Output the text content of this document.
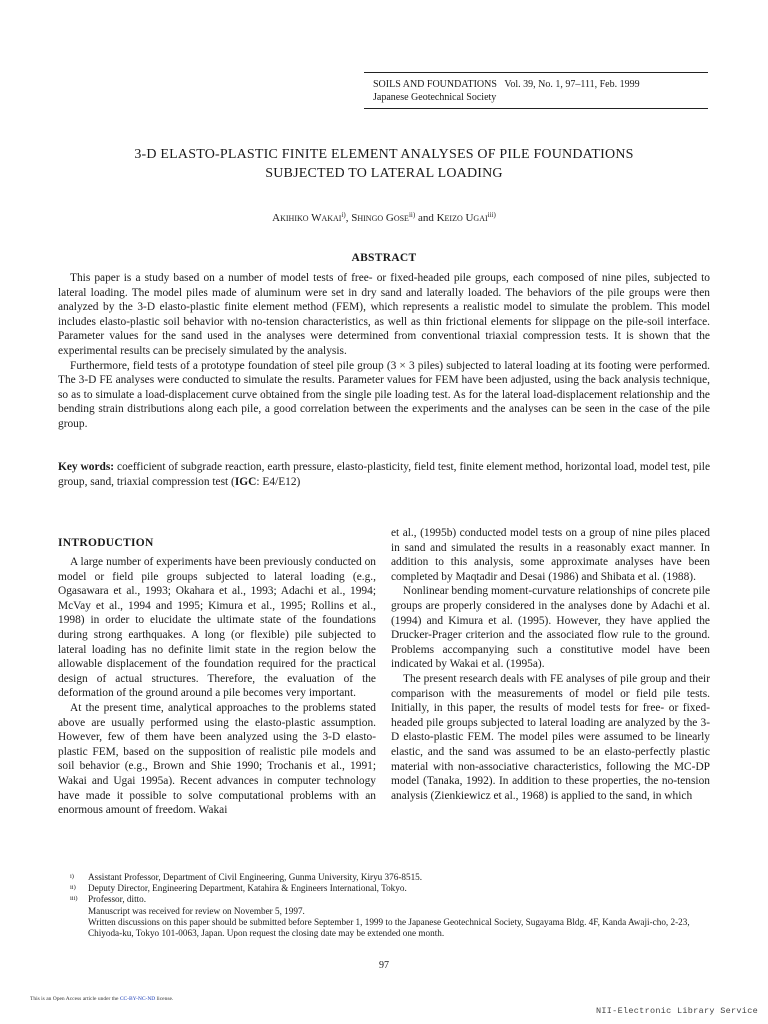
SOILS AND FOUNDATIONS Vol. 39, No. 1, 97–111, Feb. 1999
Japanese Geotechnical Society
3-D ELASTO-PLASTIC FINITE ELEMENT ANALYSES OF PILE FOUNDATIONS
SUBJECTED TO LATERAL LOADING
Akihiko Wakai$^{i)}$, Shingo Gose$^{ii)}$ and Keizo Ugai$^{iii)}$
ABSTRACT

This paper is a study based on a number of model tests of free- or fixed-headed pile groups, each composed of nine piles, subjected to lateral loading. The model piles made of aluminum were set in dry sand and laterally loaded. The behaviors of the pile groups were then analyzed by the 3-D elasto-plastic finite element method (FEM), which represents a realistic model to simulate the problem. This model includes elasto-plastic soil behavior with no-tension characteristics, as well as thin frictional elements for slippage on the pile-soil interface. Parameter values for the sand used in the analyses were determined from conventional triaxial compression tests. It is shown that the experimental results can be precisely simulated by the analysis.

Furthermore, field tests of a prototype foundation of steel pile group (3 × 3 piles) subjected to lateral loading at its footing were performed. The 3-D FE analyses were conducted to simulate the results. Parameter values for FEM have been adjusted, using the back analysis technique, so as to simulate a load-displacement curve obtained from the single pile loading test. As for the lateral load-displacement relationship and the bending strain distributions along each pile, a good correlation between the experiments and the analyses can be seen in the case of the pile group.

Key words: coefficient of subgrade reaction, earth pressure, elasto-plasticity, field test, finite element method, horizontal load, model test, pile group, sand, triaxial compression test (IGC: E4/E12)
INTRODUCTION

A large number of experiments have been previously conducted on model or field pile groups subjected to lateral loading (e.g., Ogasawara et al., 1993; Okahara et al., 1993; Adachi et al., 1994; McVay et al., 1994 and 1995; Kimura et al., 1995; Rollins et al., 1998) in order to elucidate the ultimate state of the foundations during strong earthquakes. A long (or flexible) pile subjected to lateral loading has no definite limit state in the region below the allowable displacement of the foundation required for the practical design of actual structures. Therefore, the evaluation of the deformation of the ground around a pile becomes very important.

At the present time, analytical approaches to the problems stated above are usually performed using the elasto-plastic assumption. However, few of them have been analyzed using the 3-D elasto-plastic FEM, based on the supposition of realistic pile models and soil behavior (e.g., Brown and Shie 1990; Trochanis et al., 1991; Wakai and Ugai 1995a). Recent advances in computer technology have made it possible to solve computational problems with an enormous amount of freedom. Wakai

et al., (1995b) conducted model tests on a group of nine piles placed in sand and simulated the results in a reasonably exact manner. In addition to this analysis, some approximate analyses have been completed by Maqtadir and Desai (1986) and Shibata et al. (1988).

Nonlinear bending moment-curvature relationships of concrete pile groups are properly considered in the analyses done by Adachi et al. (1994) and Kimura et al. (1995). However, they have applied the Drucker-Prager criterion and the associated flow rule to the ground. Problems accompanying such a constitutive model have been indicated by Wakai et al. (1995a).

The present research deals with FE analyses of pile group and their comparison with the measurements of model or field pile tests. Initially, in this paper, the results of model tests for free- or fixed-headed pile groups subjected to lateral loading are analyzed by the 3-D elasto-plastic FEM. The model piles were assumed to be linearly elastic, and the sand was assumed to be an elasto-perfectly plastic material with non-associative characteristics, following the MC-DP model (Tanaka, 1992). In addition to these properties, the no-tension analysis (Zienkiewicz et al., 1968) is applied to the sand, in which

i) Assistant Professor, Department of Civil Engineering, Gunma University, Kiryu 376-8515.
ii) Deputy Director, Engineering Department, Katahira & Engineers International, Tokyo.
iii) Professor, ditto.
Manuscript was received for review on November 5, 1997.
Written discussions on this paper should be submitted before September 1, 1999 to the Japanese Geotechnical Society, Sugayama Bldg. 4F, Kanda Awaji-cho, 2-23, Chiyoda-ku, Tokyo 101-0063, Japan. Upon request the closing date may be extended one month.
97
This is an Open Access article under the CC-BY-NC-ND license.
NII-Electronic Library Service
